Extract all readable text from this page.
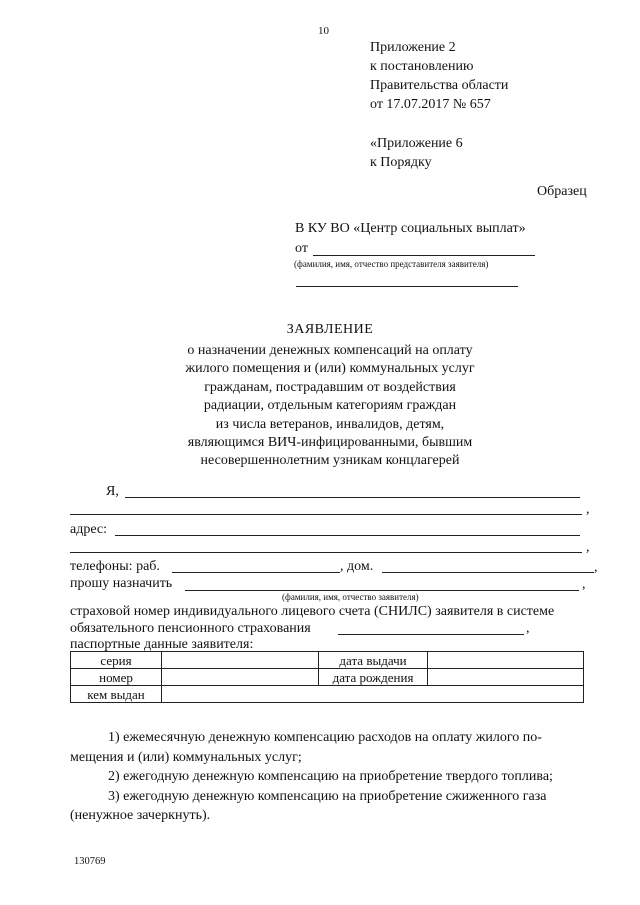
10
Приложение 2
к постановлению
Правительства области
от 17.07.2017 № 657
«Приложение 6
к Порядку
Образец
В КУ ВО «Центр социальных выплат»
от
(фамилия, имя, отчество представителя заявителя)
ЗАЯВЛЕНИЕ
о назначении денежных компенсаций на оплату
жилого помещения и (или) коммунальных услуг
гражданам, пострадавшим от воздействия
радиации, отдельным категориям граждан
из числа ветеранов, инвалидов, детям,
являющимся ВИЧ-инфицированными, бывшим
несовершеннолетним узникам концлагерей
Я,
,
адрес:
,
телефоны: раб.	, дом.	,
прошу назначить	,
(фамилия, имя, отчество заявителя)
страховой номер индивидуального лицевого счета (СНИЛС) заявителя в системе
обязательного пенсионного страхования	,
паспортные данные заявителя:
серия		дата выдачи	
номер		дата рождения	
кем выдан			
1) ежемесячную денежную компенсацию расходов на оплату жилого по-
мещения и (или) коммунальных услуг;
2) ежегодную денежную компенсацию на приобретение твердого топлива;
3) ежегодную денежную компенсацию на приобретение сжиженного газа
(ненужное зачеркнуть).
130769
